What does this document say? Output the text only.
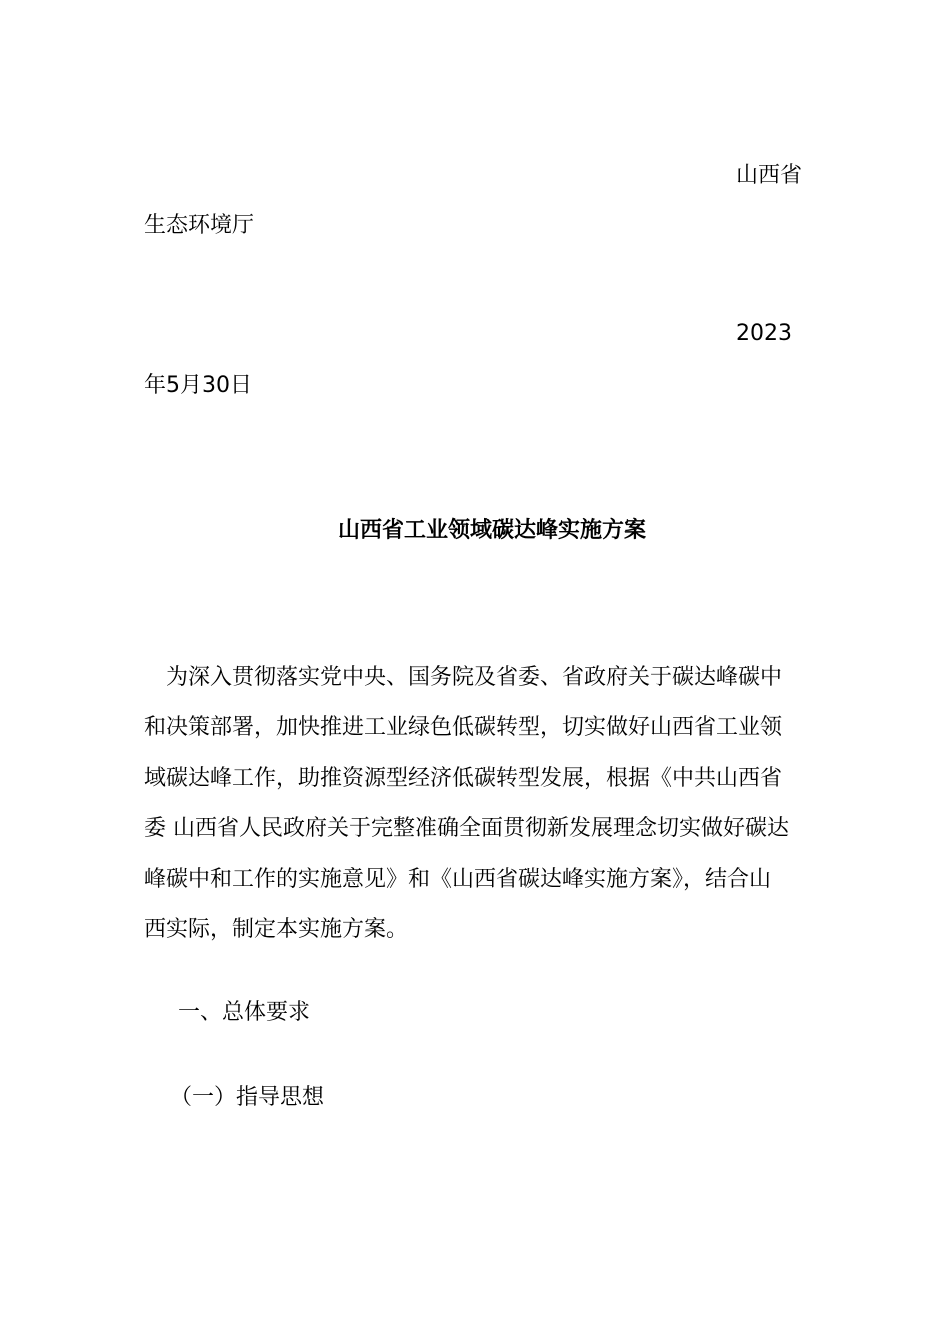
山西省
生态环境厅
2023
年5月30日
山西省工业领域碳达峰实施方案
　为深入贯彻落实党中央、国务院及省委、省政府关于碳达峰碳中
和决策部署，加快推进工业绿色低碳转型，切实做好山西省工业领
域碳达峰工作，助推资源型经济低碳转型发展，根据《中共山西省
委 山西省人民政府关于完整准确全面贯彻新发展理念切实做好碳达
峰碳中和工作的实施意见》和《山西省碳达峰实施方案》，结合山
西实际，制定本实施方案。
　一、总体要求
（一）指导思想
